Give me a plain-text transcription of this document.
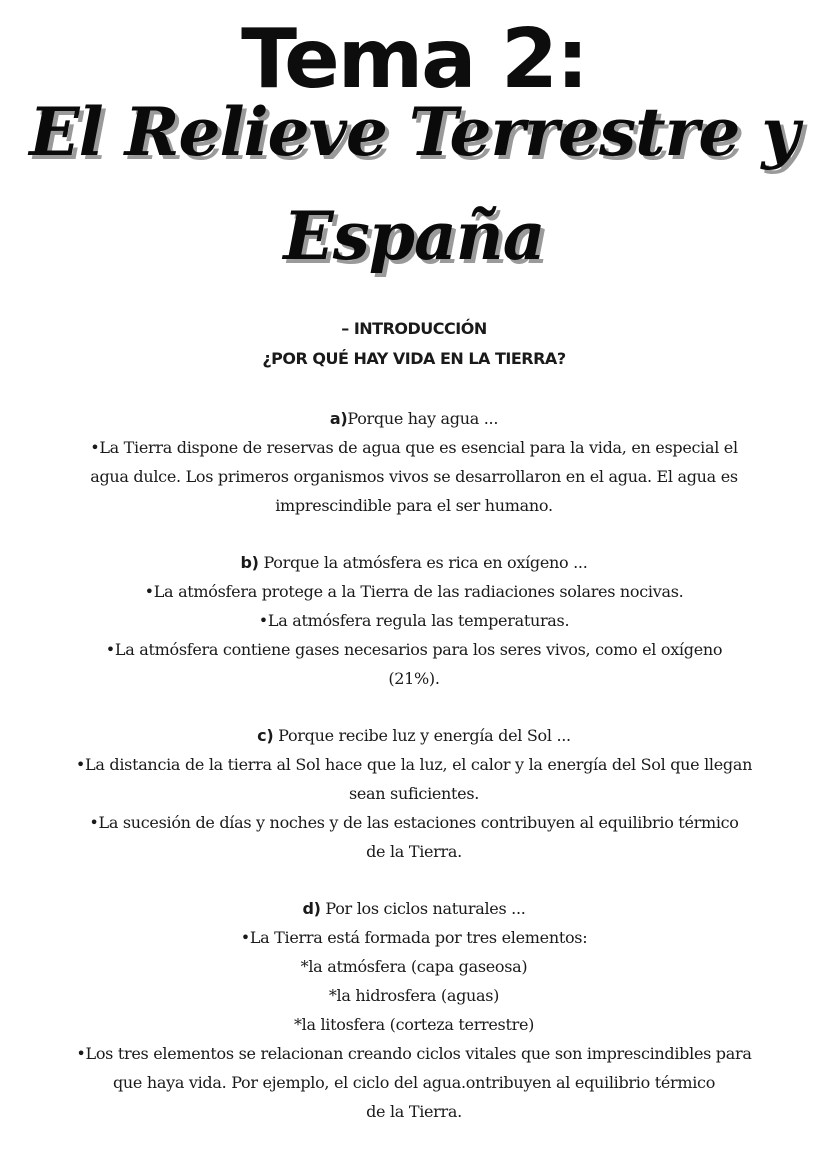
Tema 2:
El Relieve Terrestre y
España
– INTRODUCCIÓN
¿POR QUÉ HAY VIDA EN LA TIERRA?
a)Porque hay agua ...
•La Tierra dispone de reservas de agua que es esencial para la vida, en especial el
agua dulce. Los primeros organismos vivos se desarrollaron en el agua. El agua es
imprescindible para el ser humano.
b) Porque la atmósfera es rica en oxígeno ...
•La atmósfera protege a la Tierra de las radiaciones solares nocivas.
•La atmósfera regula las temperaturas.
•La atmósfera contiene gases necesarios para los seres vivos, como el oxígeno
(21%).
c) Porque recibe luz y energía del Sol ...
•La distancia de la tierra al Sol hace que la luz, el calor y la energía del Sol que llegan
sean suficientes.
•La sucesión de días y noches y de las estaciones contribuyen al equilibrio térmico
de la Tierra.
d) Por los ciclos naturales ...
•La Tierra está formada por tres elementos:
*la atmósfera (capa gaseosa)
*la hidrosfera (aguas)
*la litosfera (corteza terrestre)
•Los tres elementos se relacionan creando ciclos vitales que son imprescindibles para
que haya vida. Por ejemplo, el ciclo del agua.ontribuyen al equilibrio térmico
de la Tierra.
